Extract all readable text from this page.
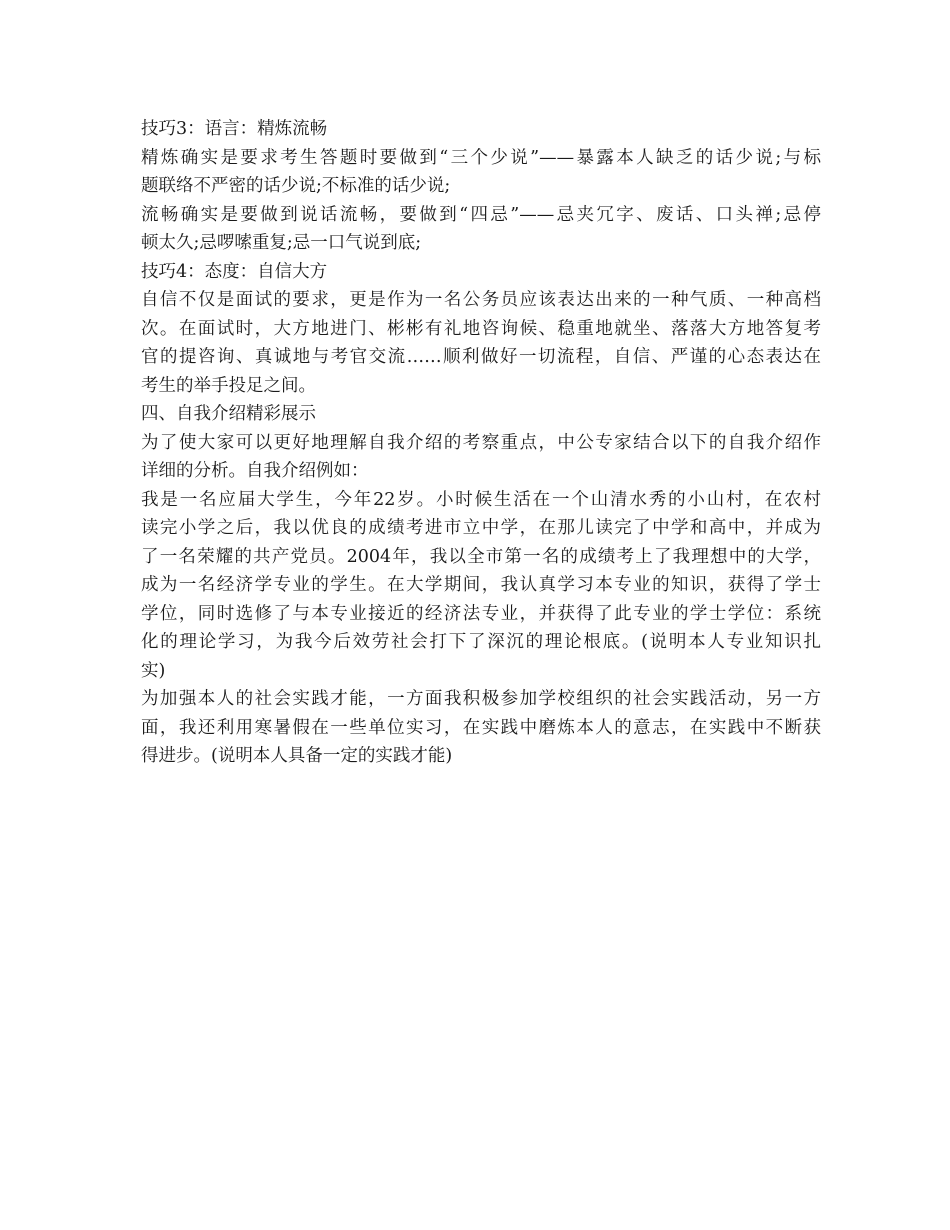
技巧3：语言：精炼流畅
精炼确实是要求考生答题时要做到“三个少说”——暴露本人缺乏的话少说;与标
题联络不严密的话少说;不标准的话少说;
流畅确实是要做到说话流畅，要做到“四忌”——忌夹冗字、废话、口头禅;忌停
顿太久;忌啰嗦重复;忌一口气说到底;
技巧4：态度：自信大方
自信不仅是面试的要求，更是作为一名公务员应该表达出来的一种气质、一种高档
次。在面试时，大方地进门、彬彬有礼地咨询候、稳重地就坐、落落大方地答复考
官的提咨询、真诚地与考官交流……顺利做好一切流程，自信、严谨的心态表达在
考生的举手投足之间。
四、自我介绍精彩展示
为了使大家可以更好地理解自我介绍的考察重点，中公专家结合以下的自我介绍作
详细的分析。自我介绍例如：
我是一名应届大学生，今年22岁。小时候生活在一个山清水秀的小山村，在农村
读完小学之后，我以优良的成绩考进市立中学，在那儿读完了中学和高中，并成为
了一名荣耀的共产党员。2004年，我以全市第一名的成绩考上了我理想中的大学，
成为一名经济学专业的学生。在大学期间，我认真学习本专业的知识，获得了学士
学位，同时选修了与本专业接近的经济法专业，并获得了此专业的学士学位：系统
化的理论学习，为我今后效劳社会打下了深沉的理论根底。(说明本人专业知识扎
实)
为加强本人的社会实践才能，一方面我积极参加学校组织的社会实践活动，另一方
面，我还利用寒暑假在一些单位实习，在实践中磨炼本人的意志，在实践中不断获
得进步。(说明本人具备一定的实践才能)
